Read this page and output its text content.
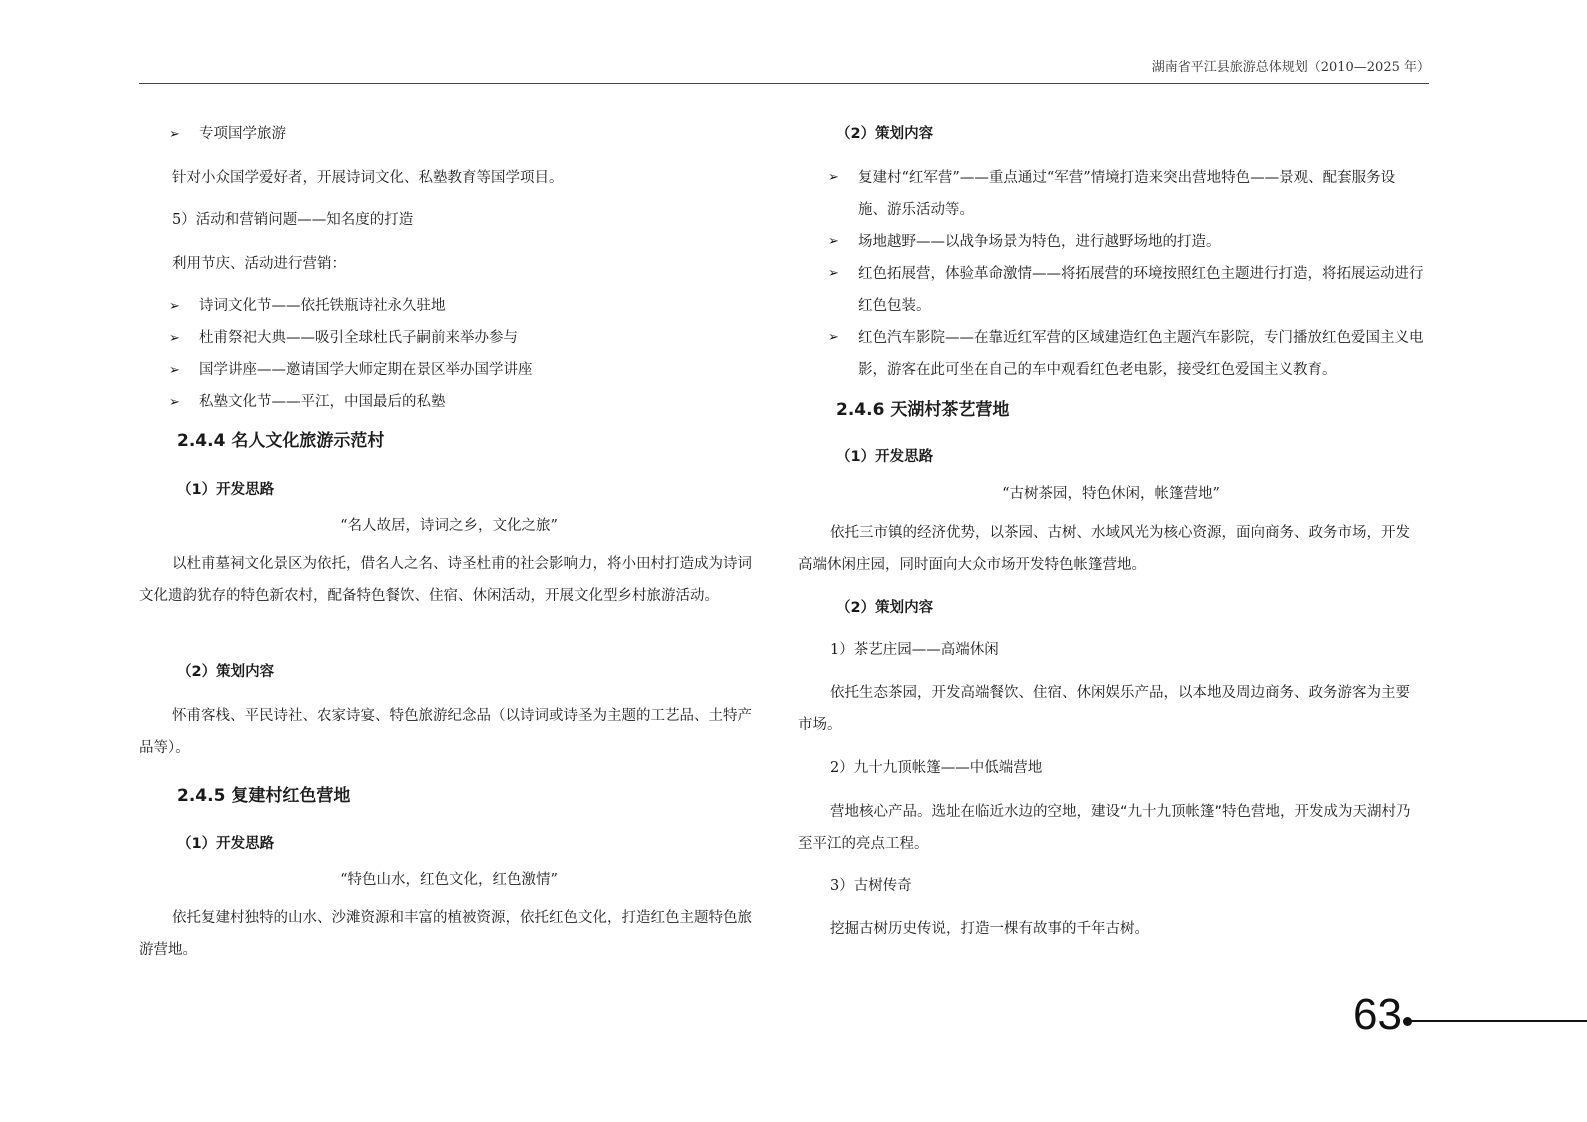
湖南省平江县旅游总体规划（2010—2025 年）
➢ 专项国学旅游
针对小众国学爱好者，开展诗词文化、私塾教育等国学项目。
5）活动和营销问题——知名度的打造
利用节庆、活动进行营销：
➢ 诗词文化节——依托铁瓶诗社永久驻地
➢ 杜甫祭祀大典——吸引全球杜氏子嗣前来举办参与
➢ 国学讲座——邀请国学大师定期在景区举办国学讲座
➢ 私塾文化节——平江，中国最后的私塾
2.4.4 名人文化旅游示范村
（1）开发思路
“名人故居，诗词之乡，文化之旅”
以杜甫墓祠文化景区为依托，借名人之名、诗圣杜甫的社会影响力，将小田村打造成为诗词文化遗韵犹存的特色新农村，配备特色餐饮、住宿、休闲活动，开展文化型乡村旅游活动。
（2）策划内容
怀甫客栈、平民诗社、农家诗宴、特色旅游纪念品（以诗词或诗圣为主题的工艺品、土特产品等）。
2.4.5 复建村红色营地
（1）开发思路
“特色山水，红色文化，红色激情”
依托复建村独特的山水、沙滩资源和丰富的植被资源，依托红色文化，打造红色主题特色旅游营地。
（2）策划内容
➢	复建村“红军营”——重点通过“军营”情境打造来突出营地特色——景观、配套服务设施、游乐活动等。
➢	场地越野——以战争场景为特色，进行越野场地的打造。
➢	红色拓展营，体验革命激情——将拓展营的环境按照红色主题进行打造，将拓展运动进行红色包装。
➢	红色汽车影院——在靠近红军营的区域建造红色主题汽车影院，专门播放红色爱国主义电影，游客在此可坐在自己的车中观看红色老电影，接受红色爱国主义教育。
2.4.6 天湖村茶艺营地
（1）开发思路
“古树茶园，特色休闲，帐篷营地”
依托三市镇的经济优势，以茶园、古树、水域风光为核心资源，面向商务、政务市场，开发高端休闲庄园，同时面向大众市场开发特色帐篷营地。
（2）策划内容
1）茶艺庄园——高端休闲
依托生态茶园，开发高端餐饮、住宿、休闲娱乐产品，以本地及周边商务、政务游客为主要市场。
2）九十九顶帐篷——中低端营地
营地核心产品。选址在临近水边的空地，建设“九十九顶帐篷”特色营地，开发成为天湖村乃至平江的亮点工程。
3）古树传奇
挖掘古树历史传说，打造一棵有故事的千年古树。
63
